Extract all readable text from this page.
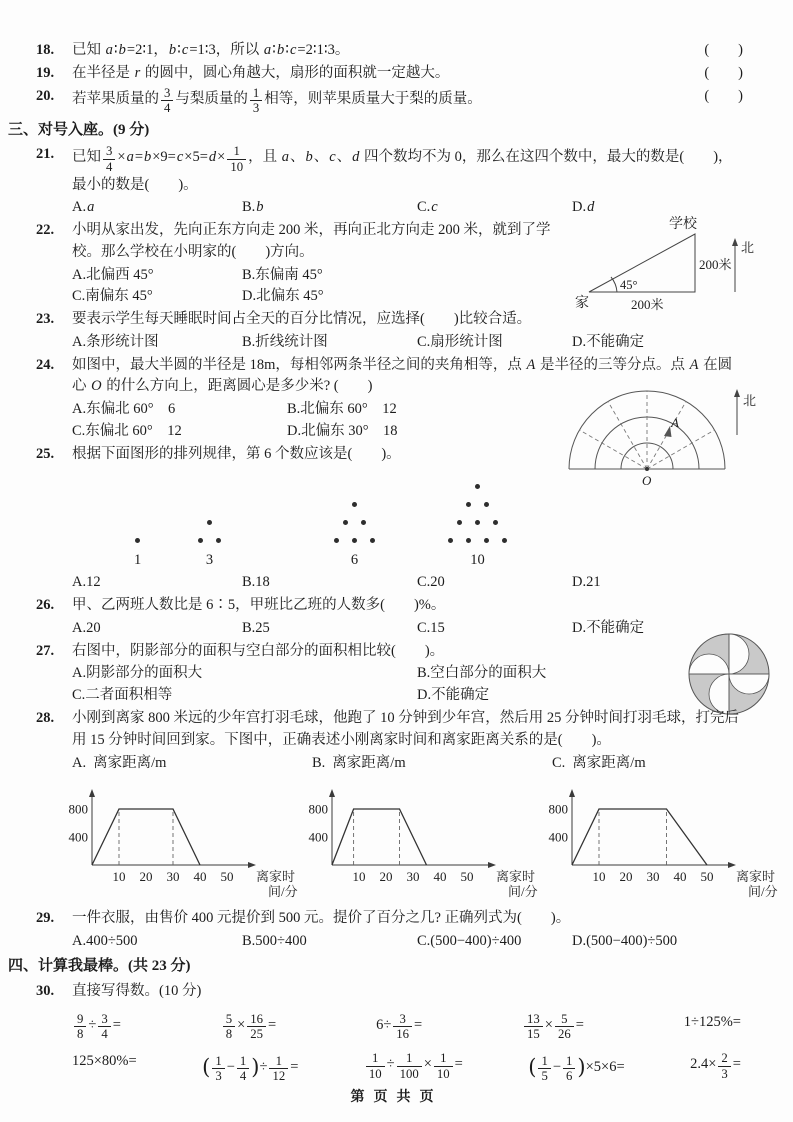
18.	已知 a∶b=2∶1，b∶c=1∶3，所以 a∶b∶c=2∶1∶3。	(　　)
19.	在半径是 r 的圆中，圆心角越大，扇形的面积就一定越大。	(　　)
20.	若苹果质量的 $\frac{3}{4}$ 与梨质量的 $\frac{1}{3}$ 相等，则苹果质量大于梨的质量。	(　　)
三、对号入座。(9 分)
21.	已知 $\frac{3}{4} \times a=b\times 9=c\times 5=d\times \frac{1}{10}$ ，且 a、b、c、d 四个数均不为 0，那么在这四个数中，最大的数是(　　)，最小的数是(　　)。
A.a	B.b	C.c	D.d
22.	学校
家
45°
200米
200米
北

小明从家出发，先向正东方向走 200 米，再向正北方向走 200 米，就到了学校。那么学校在小明家的(　　)方向。

A.北偏西 45°	B.东偏南 45°
C.南偏东 45°	D.北偏东 45°
23.	要表示学生每天睡眠时间占全天的百分比情况，应选择(　　)比较合适。

A.条形统计图	B.折线统计图	C.扇形统计图	D.不能确定
24.
A
O
北
如图中，最大半圆的半径是 18m，每相邻两条半径之间的夹角相等，点 A 是半径的三等分点。点 A 在圆心 O 的什么方向上，距离圆心是多少米? (　　)
A.东偏北 60°　6	B.北偏东 60°　12
C.东偏北 60°　12	D.北偏东 30°　18
25.	根据下面图形的排列规律，第 6 个数应该是(　　)。

1	3	6	10
A.12	B.18	C.20	D.21
26.	甲、乙两班人数比是 6∶5，甲班比乙班的人数多(　　)%。

A.20	B.25	C.15	D.不能确定
27.	右图中，阴影部分的面积与空白部分的面积相比较(　　)。

A.阴影部分的面积大	B.空白部分的面积大
C.二者面积相等	D.不能确定
28.	小刚到离家 800 米远的少年宫打羽毛球，他跑了 10 分钟到少年宫，然后用 25 分钟时间打羽毛球，打完后用 15 分钟时间回到家。下图中，正确表述小刚离家时间和离家距离关系的是(　　)。

A. 离家距离/m
10 20 30 40 50
400
800
离家时
间/分
B. 离家距离/m
10 20 30 40 50
400
800
离家时
间/分
C. 离家距离/m
10 20 30 40 50
400
800
离家时
间/分
29.	一件衣服，由售价 400 元提价到 500 元。提价了百分之几? 正确列式为(　　)。

A.400÷500	B.500÷400	C.(500−400)÷400	D.(500−400)÷500
四、计算我最棒。(共 23 分)
30.	直接写得数。(10 分)

$\frac{9}{8} \div \frac{3}{4}$ =	$\frac{5}{8} \times \frac{16}{25}$ =	$6\div \frac{3}{16}$ =	$\frac{13}{15} \times \frac{5}{26}$ =	1÷125%=
125×80%=	( $\frac{1}{3} - \frac{1}{4}$ )÷ $\frac{1}{12}$ =	$\frac{1}{10} \div \frac{1}{100} \times \frac{1}{10}$ =	( $\frac{1}{5} - \frac{1}{6} )\times 5\times 6=$	$2.4\times \frac{2}{3}$ =
第页共页
